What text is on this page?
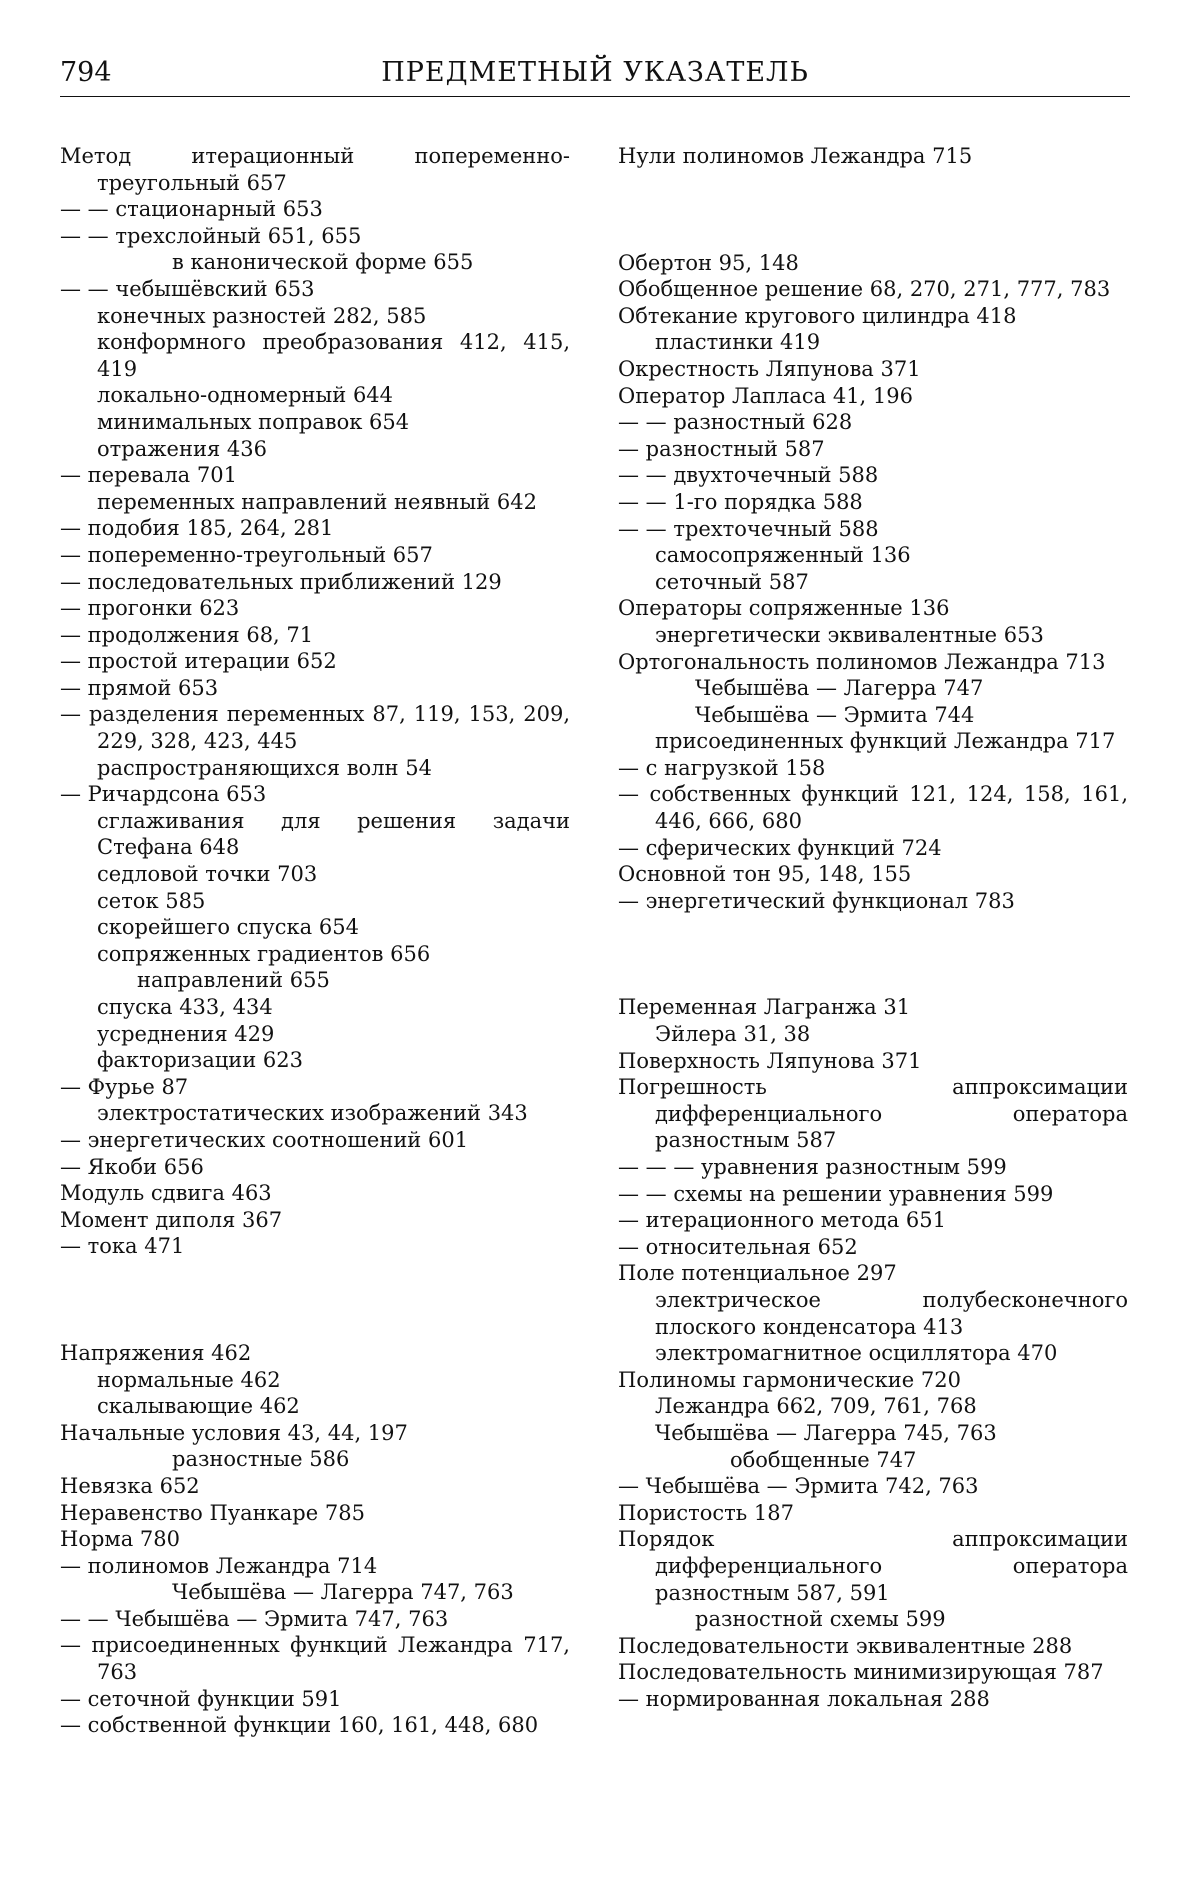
794	ПРЕДМЕТНЫЙ УКАЗАТЕЛЬ
Метод итерационный попеременно-треугольный 657
— — стационарный 653
— — трехслойный 651, 655
в канонической форме 655
— — чебышёвский 653
конечных разностей 282, 585
конформного преобразования 412, 415, 419
локально-одномерный 644
минимальных поправок 654
отражения 436
— перевала 701
переменных направлений неявный 642
— подобия 185, 264, 281
— попеременно-треугольный 657
— последовательных приближений 129
— прогонки 623
— продолжения 68, 71
— простой итерации 652
— прямой 653
— разделения переменных 87, 119, 153, 209, 229, 328, 423, 445
распространяющихся волн 54
— Ричардсона 653
сглаживания для решения задачи Стефана 648
седловой точки 703
сеток 585
скорейшего спуска 654
сопряженных градиентов 656
направлений 655
спуска 433, 434
усреднения 429
факторизации 623
— Фурье 87
электростатических изображений 343
— энергетических соотношений 601
— Якоби 656
Модуль сдвига 463
Момент диполя 367
— тока 471
Напряжения 462
нормальные 462
скалывающие 462
Начальные условия 43, 44, 197
разностные 586
Невязка 652
Неравенство Пуанкаре 785
Норма 780
— полиномов Лежандра 714
Чебышёва — Лагерра 747, 763
— — Чебышёва — Эрмита 747, 763
— присоединенных функций Лежандра 717, 763
— сеточной функции 591
— собственной функции 160, 161, 448, 680
Нули полиномов Лежандра 715
Обертон 95, 148
Обобщенное решение 68, 270, 271, 777, 783
Обтекание кругового цилиндра 418
пластинки 419
Окрестность Ляпунова 371
Оператор Лапласа 41, 196
— — разностный 628
— разностный 587
— — двухточечный 588
— — 1-го порядка 588
— — трехточечный 588
самосопряженный 136
сеточный 587
Операторы сопряженные 136
энергетически эквивалентные 653
Ортогональность полиномов Лежандра 713
Чебышёва — Лагерра 747
Чебышёва — Эрмита 744
присоединенных функций Лежандра 717
— с нагрузкой 158
— собственных функций 121, 124, 158, 161, 446, 666, 680
— сферических функций 724
Основной тон 95, 148, 155
— энергетический функционал 783
Переменная Лагранжа 31
Эйлера 31, 38
Поверхность Ляпунова 371
Погрешность аппроксимации дифференциального оператора разностным 587
— — — уравнения разностным 599
— — схемы на решении уравнения 599
— итерационного метода 651
— относительная 652
Поле потенциальное 297
электрическое полубесконечного плоского конденсатора 413
электромагнитное осциллятора 470
Полиномы гармонические 720
Лежандра 662, 709, 761, 768
Чебышёва — Лагерра 745, 763
обобщенные 747
— Чебышёва — Эрмита 742, 763
Пористость 187
Порядок аппроксимации дифференциального оператора разностным 587, 591
разностной схемы 599
Последовательности эквивалентные 288
Последовательность минимизирующая 787
— нормированная локальная 288
